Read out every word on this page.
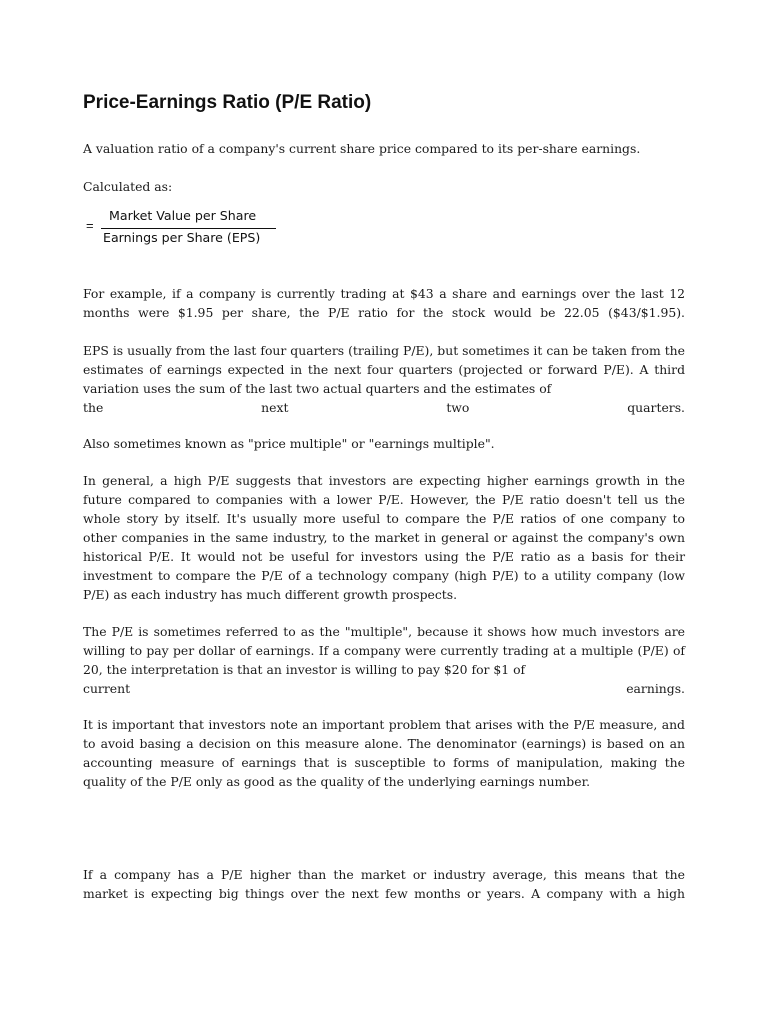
Price-Earnings Ratio (P/E Ratio)

A valuation ratio of a company's current share price compared to its per-share earnings.

Calculated as:

=
Market Value per Share
Earnings per Share (EPS)

For example, if a company is currently trading at $43 a share and earnings over the last 12

months were $1.95 per share, the P/E ratio for the stock would be 22.05 ($43/$1.95).

EPS is usually from the last four quarters (trailing P/E), but sometimes it can be taken from the estimates of earnings expected in the next four quarters (projected or forward P/E). A third variation uses the sum of the last two actual quarters and the estimates of

the next two quarters.

Also sometimes known as "price multiple" or "earnings multiple".

In general, a high P/E suggests that investors are expecting higher earnings growth in the future compared to companies with a lower P/E. However, the P/E ratio doesn't tell us the whole story by itself. It's usually more useful to compare the P/E ratios of one company to other companies in the same industry, to the market in general or against the company's own historical P/E. It would not be useful for investors using the P/E ratio as a basis for their investment to compare the P/E of a technology company (high P/E) to a utility company (low P/E) as each industry has much different growth prospects.

The P/E is sometimes referred to as the "multiple", because it shows how much investors are willing to pay per dollar of earnings. If a company were currently trading at a multiple (P/E) of 20, the interpretation is that an investor is willing to pay $20 for $1 of

current earnings.

It is important that investors note an important problem that arises with the P/E measure, and to avoid basing a decision on this measure alone. The denominator (earnings) is based on an accounting measure of earnings that is susceptible to forms of manipulation, making the quality of the P/E only as good as the quality of the underlying earnings number.

If a company has a P/E higher than the market or industry average, this means that the

market is expecting big things over the next few months or years. A company with a high
